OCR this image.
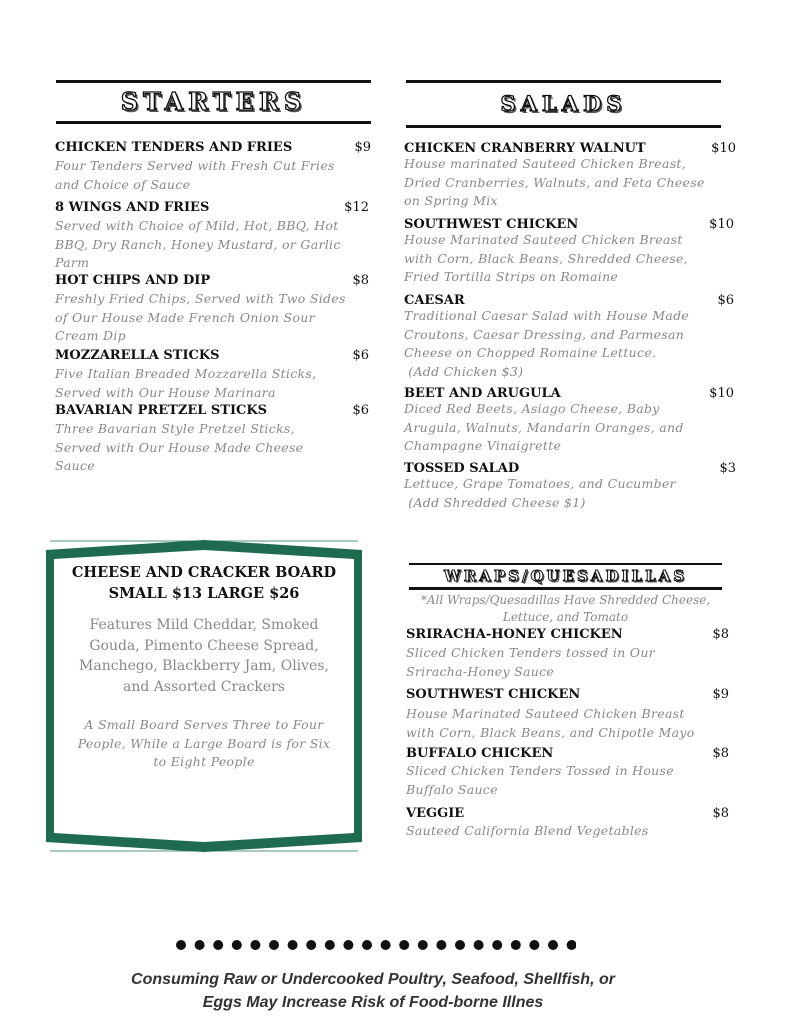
STARTERS
CHICKEN TENDERS AND FRIES	$9
Four Tenders Served with Fresh Cut Fries
and Choice of Sauce
8 WINGS AND FRIES	$12
Served with Choice of Mild, Hot, BBQ, Hot
BBQ, Dry Ranch, Honey Mustard, or Garlic
Parm
HOT CHIPS AND DIP	$8
Freshly Fried Chips, Served with Two Sides
of Our House Made French Onion Sour
Cream Dip
MOZZARELLA STICKS	$6
Five Italian Breaded Mozzarella Sticks,
Served with Our House Marinara
BAVARIAN PRETZEL STICKS	$6
Three Bavarian Style Pretzel Sticks,
Served with Our House Made Cheese
Sauce
SALADS
CHICKEN CRANBERRY WALNUT	$10
House marinated Sauteed Chicken Breast,
Dried Cranberries, Walnuts, and Feta Cheese
on Spring Mix
SOUTHWEST CHICKEN	$10
House Marinated Sauteed Chicken Breast
with Corn, Black Beans, Shredded Cheese,
Fried Tortilla Strips on Romaine
CAESAR	$6
Traditional Caesar Salad with House Made
Croutons, Caesar Dressing, and Parmesan
Cheese on Chopped Romaine Lettuce.
(Add Chicken $3)
BEET AND ARUGULA	$10
Diced Red Beets, Asiago Cheese, Baby
Arugula, Walnuts, Mandarin Oranges, and
Champagne Vinaigrette
TOSSED SALAD	$3
Lettuce, Grape Tomatoes, and Cucumber
(Add Shredded Cheese $1)
CHEESE AND CRACKER BOARD
SMALL $13 LARGE $26
Features Mild Cheddar, Smoked
Gouda, Pimento Cheese Spread,
Manchego, Blackberry Jam, Olives,
and Assorted Crackers
A Small Board Serves Three to Four
People, While a Large Board is for Six
to Eight People
WRAPS/QUESADILLAS
*All Wraps/Quesadillas Have Shredded Cheese,
Lettuce, and Tomato
SRIRACHA-HONEY CHICKEN	$8
Sliced Chicken Tenders tossed in Our
Sriracha-Honey Sauce
SOUTHWEST CHICKEN	$9
House Marinated Sauteed Chicken Breast
with Corn, Black Beans, and Chipotle Mayo
BUFFALO CHICKEN	$8
Sliced Chicken Tenders Tossed in House
Buffalo Sauce
VEGGIE	$8
Sauteed California Blend Vegetables
Consuming Raw or Undercooked Poultry, Seafood, Shellfish, or
Eggs May Increase Risk of Food-borne Illnes
